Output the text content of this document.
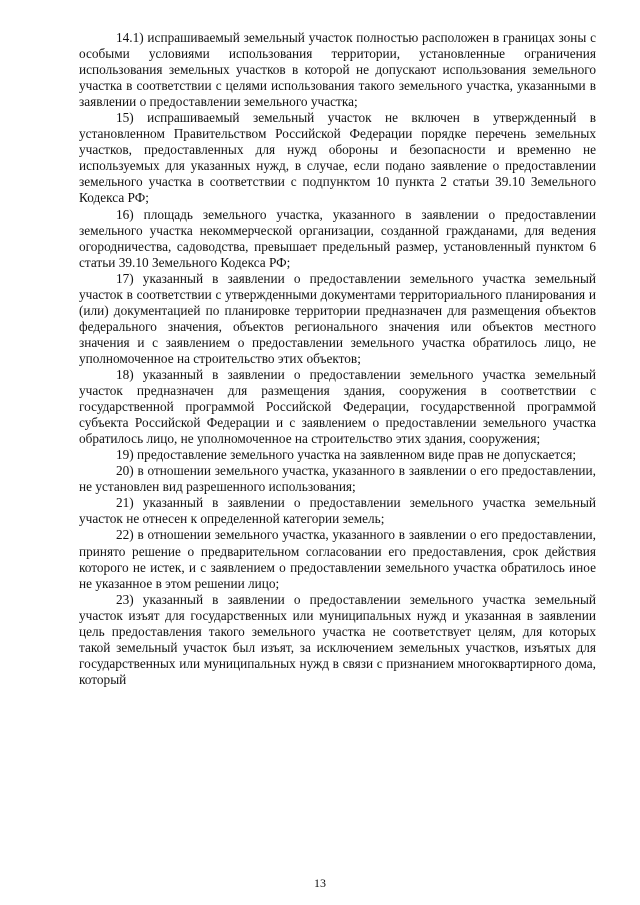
14.1) испрашиваемый земельный участок полностью расположен в границах зоны с особыми условиями использования территории, установленные ограничения использования земельных участков в которой не допускают использования земельного участка в соответствии с целями использования такого земельного участка, указанными в заявлении о предоставлении земельного участка;

15) испрашиваемый земельный участок не включен в утвержденный в установленном Правительством Российской Федерации порядке перечень земельных участков, предоставленных для нужд обороны и безопасности и временно не используемых для указанных нужд, в случае, если подано заявление о предоставлении земельного участка в соответствии с подпунктом 10 пункта 2 статьи 39.10 Земельного Кодекса РФ;

16) площадь земельного участка, указанного в заявлении о предоставлении земельного участка некоммерческой организации, созданной гражданами, для ведения огородничества, садоводства, превышает предельный размер, установленный пунктом 6 статьи 39.10 Земельного Кодекса РФ;

17) указанный в заявлении о предоставлении земельного участка земельный участок в соответствии с утвержденными документами территориального планирования и (или) документацией по планировке территории предназначен для размещения объектов федерального значения, объектов регионального значения или объектов местного значения и с заявлением о предоставлении земельного участка обратилось лицо, не уполномоченное на строительство этих объектов;

18) указанный в заявлении о предоставлении земельного участка земельный участок предназначен для размещения здания, сооружения в соответствии с государственной программой Российской Федерации, государственной программой субъекта Российской Федерации и с заявлением о предоставлении земельного участка обратилось лицо, не уполномоченное на строительство этих здания, сооружения;

19) предоставление земельного участка на заявленном виде прав не допускается;

20) в отношении земельного участка, указанного в заявлении о его предоставлении, не установлен вид разрешенного использования;

21) указанный в заявлении о предоставлении земельного участка земельный участок не отнесен к определенной категории земель;

22) в отношении земельного участка, указанного в заявлении о его предоставлении, принято решение о предварительном согласовании его предоставления, срок действия которого не истек, и с заявлением о предоставлении земельного участка обратилось иное не указанное в этом решении лицо;

23) указанный в заявлении о предоставлении земельного участка земельный участок изъят для государственных или муниципальных нужд и указанная в заявлении цель предоставления такого земельного участка не соответствует целям, для которых такой земельный участок был изъят, за исключением земельных участков, изъятых для государственных или муниципальных нужд в связи с признанием многоквартирного дома, который

13
